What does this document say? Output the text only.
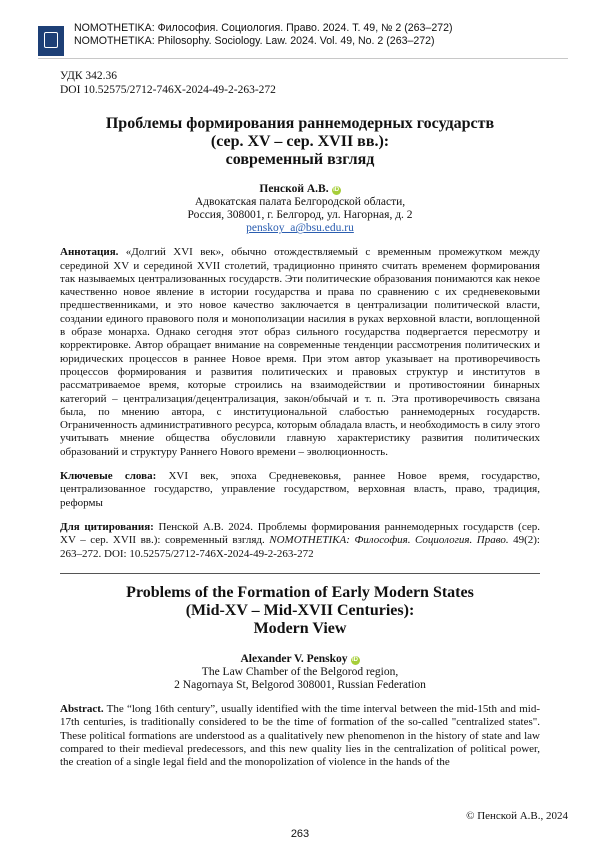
NOMOTHETIKA: Философия. Социология. Право. 2024. Т. 49, № 2 (263–272)
NOMOTHETIKA: Philosophy. Sociology. Law. 2024. Vol. 49, No. 2 (263–272)
УДК 342.36
DOI 10.52575/2712-746X-2024-49-2-263-272
Проблемы формирования раннемодерных государств
(сер. XV – сер. XVII вв.):
современный взгляд
Пенской А.В. iD
Адвокатская палата Белгородской области,
Россия, 308001, г. Белгород, ул. Нагорная, д. 2
penskoy_a@bsu.edu.ru
Аннотация. «Долгий XVI век», обычно отождествляемый с временным промежутком между серединой XV и серединой XVII столетий, традиционно принято считать временем формирования так называемых централизованных государств. Эти политические образования понимаются как некое качественно новое явление в истории государства и права по сравнению с их средневековыми предшественниками, и это новое качество заключается в централизации политической власти, создании единого правового поля и монополизации насилия в руках верховной власти, воплощенной в образе монарха. Однако сегодня этот образ сильного государства подвергается пересмотру и корректировке. Автор обращает внимание на современные тенденции рассмотрения политических и юридических процессов в раннее Новое время. При этом автор указывает на противоречивость процессов формирования и развития политических и правовых структур и институтов в рассматриваемое время, которые строились на взаимодействии и противостоянии бинарных категорий – централизация/децентрализация, закон/обычай и т. п. Эта противоречивость связана была, по мнению автора, с институциональной слабостью раннемодерных государств. Ограниченность административного ресурса, которым обладала власть, и необходимость в силу этого учитывать мнение общества обусловили главную характеристику развития политических образований и структуру Раннего Нового времени – эволюционность.
Ключевые слова: XVI век, эпоха Средневековья, раннее Новое время, государство, централизованное государство, управление государством, верховная власть, право, традиция, реформы
Для цитирования: Пенской А.В. 2024. Проблемы формирования раннемодерных государств (сер. XV – сер. XVII вв.): современный взгляд. NOMOTHETIKA: Философия. Социология. Право. 49(2): 263–272. DOI: 10.52575/2712-746X-2024-49-2-263-272
Problems of the Formation of Early Modern States
(Mid-XV – Mid-XVII Centuries):
Modern View
Alexander V. Penskoy iD
The Law Chamber of the Belgorod region,
2 Nagornaya St, Belgorod 308001, Russian Federation
Abstract. The “long 16th century”, usually identified with the time interval between the mid-15th and mid-17th centuries, is traditionally considered to be the time of formation of the so-called "centralized states". These political formations are understood as a qualitatively new phenomenon in the history of state and law compared to their medieval predecessors, and this new quality lies in the centralization of political power, the creation of a single legal field and the monopolization of violence in the hands of the
© Пенской А.В., 2024
263
